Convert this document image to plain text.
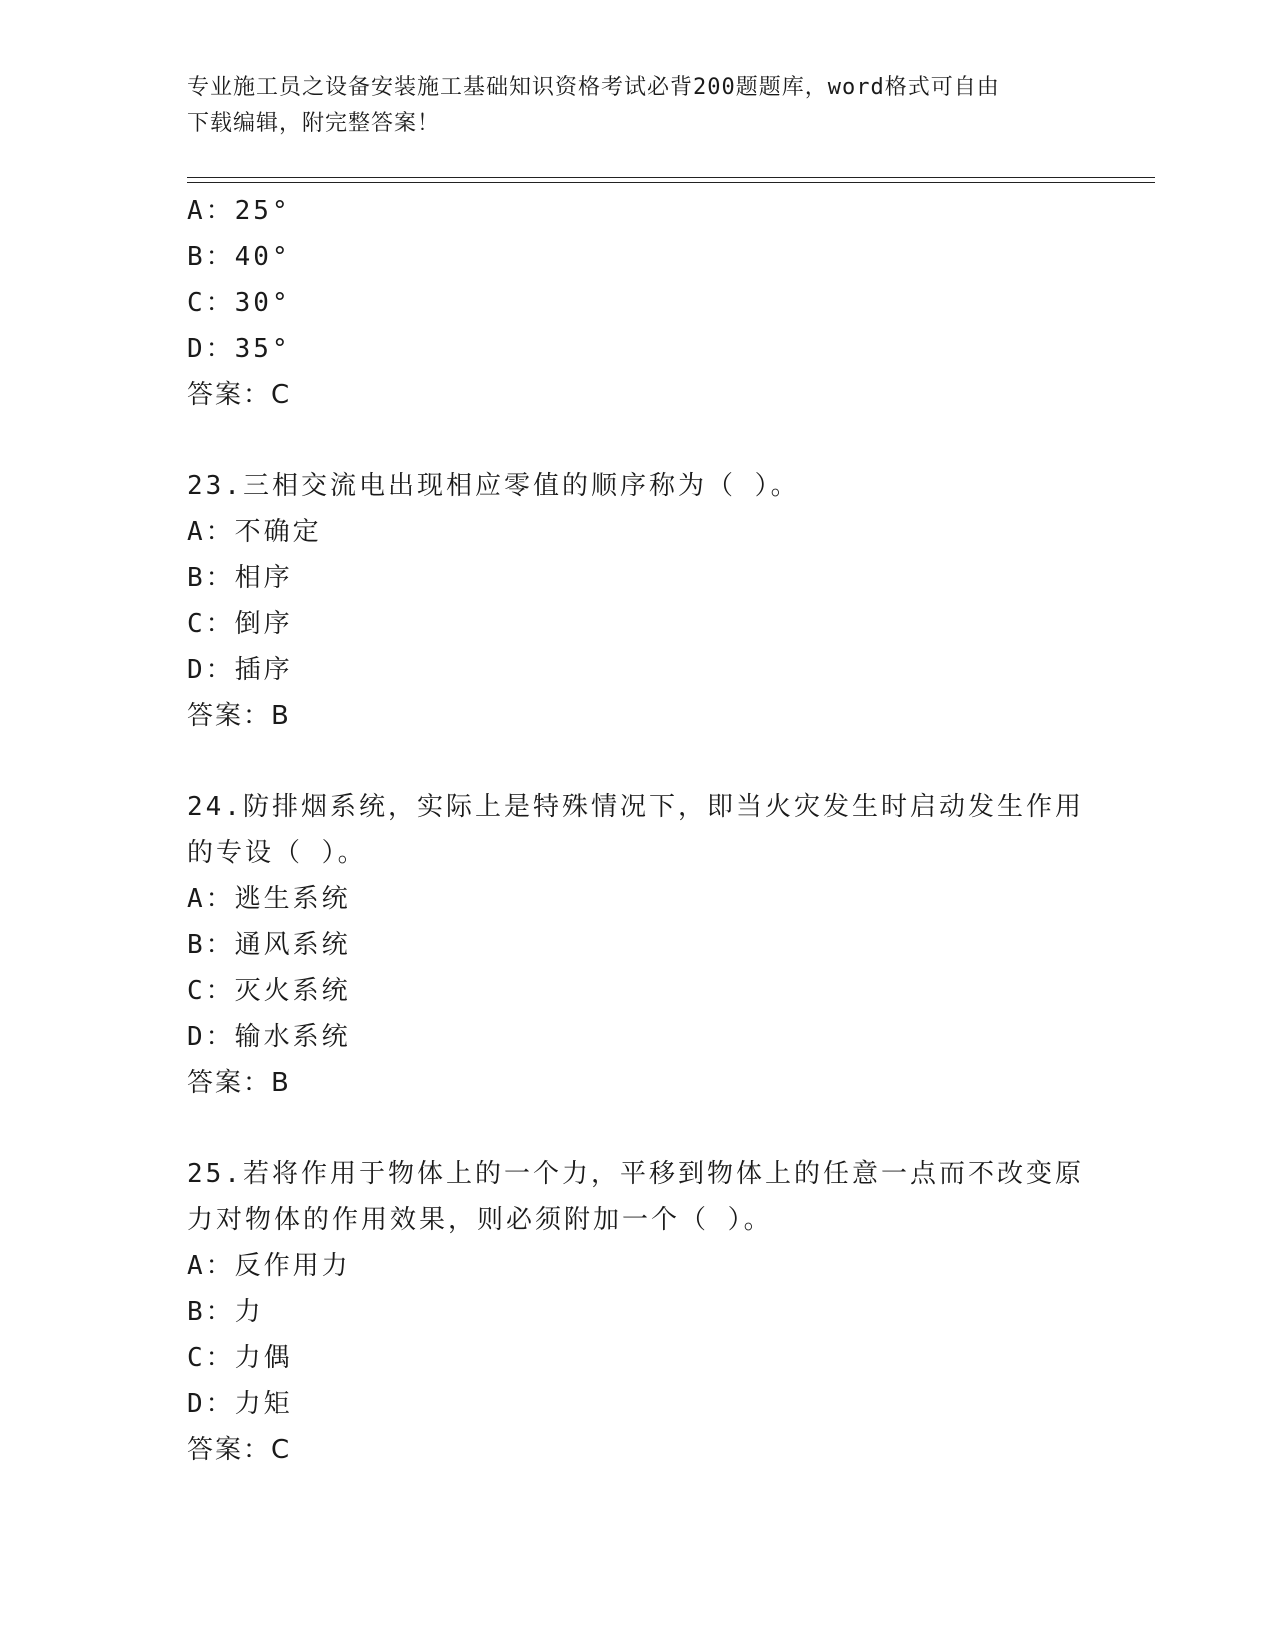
专业施工员之设备安装施工基础知识资格考试必背200题题库，word格式可自由
下载编辑，附完整答案！
A：25°
B：40°
C：30°
D：35°
答案：C
23.三相交流电出现相应零值的顺序称为（ ）。
A：不确定
B：相序
C：倒序
D：插序
答案：B
24.防排烟系统，实际上是特殊情况下，即当火灾发生时启动发生作用
的专设（ ）。
A：逃生系统
B：通风系统
C：灭火系统
D：输水系统
答案：B
25.若将作用于物体上的一个力，平移到物体上的任意一点而不改变原
力对物体的作用效果，则必须附加一个（ ）。
A：反作用力
B：力
C：力偶
D：力矩
答案：C
